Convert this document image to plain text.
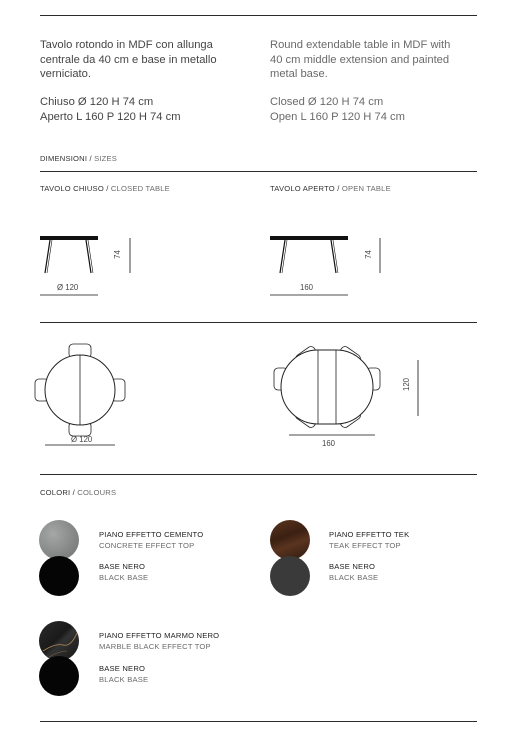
Tavolo rotondo in MDF con allunga

centrale da 40 cm e base in metallo

verniciato.

Chiuso Ø 120 H 74 cm

Aperto L 160 P 120 H 74 cm

Round extendable table in MDF with

40 cm middle extension and painted

metal base.

Closed Ø 120 H 74 cm

Open L 160 P 120 H 74 cm

DIMENSIONI / SIZES
TAVOLO CHIUSO / CLOSED TABLE	TAVOLO APERTO / OPEN TABLE
74
Ø 120
74
160
Ø 120	160
120
COLORI / COLOURS
PIANO EFFETTO CEMENTO
CONCRETE EFFECT TOP
BASE NERO
BLACK BASE
PIANO EFFETTO TEK
TEAK EFFECT TOP
BASE NERO
BLACK BASE
PIANO EFFETTO MARMO NERO
MARBLE BLACK EFFECT TOP
BASE NERO
BLACK BASE
